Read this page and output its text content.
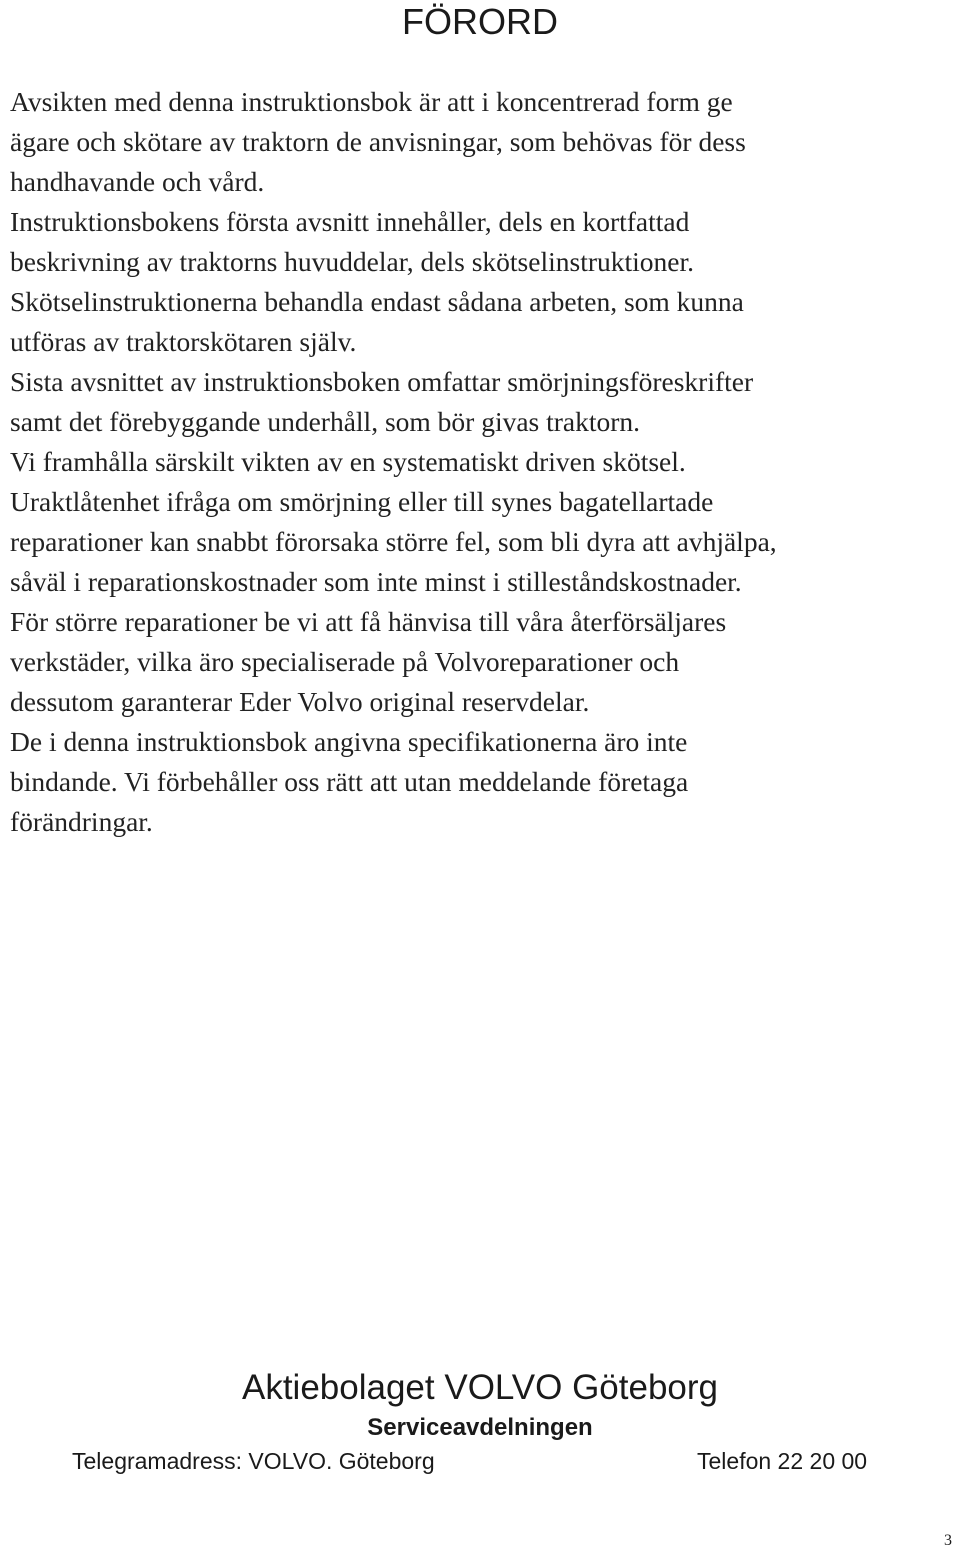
FÖRORD

Avsikten med denna instruktionsbok är att i koncentrerad form ge
ägare och skötare av traktorn de anvisningar, som behövas för dess
handhavande och vård.

Instruktionsbokens första avsnitt innehåller, dels en kortfattad
beskrivning av traktorns huvuddelar, dels skötselinstruktioner.
Skötselinstruktionerna behandla endast sådana arbeten, som kunna
utföras av traktorskötaren själv.

Sista avsnittet av instruktionsboken omfattar smörjningsföreskrifter
samt det förebyggande underhåll, som bör givas traktorn.

Vi framhålla särskilt vikten av en systematiskt driven skötsel.
Uraktlåtenhet ifråga om smörjning eller till synes bagatellartade
reparationer kan snabbt förorsaka större fel, som bli dyra att avhjälpa,
såväl i reparationskostnader som inte minst i stilleståndskostnader.

För större reparationer be vi att få hänvisa till våra återförsäljares
verkstäder, vilka äro specialiserade på Volvoreparationer och
dessutom garanterar Eder Volvo original reservdelar.

De i denna instruktionsbok angivna specifikationerna äro inte
bindande. Vi förbehåller oss rätt att utan meddelande företaga
förändringar.

Aktiebolaget VOLVO Göteborg
Serviceavdelningen
Telegramadress: VOLVO. Göteborg	Telefon 22 20 00
3
